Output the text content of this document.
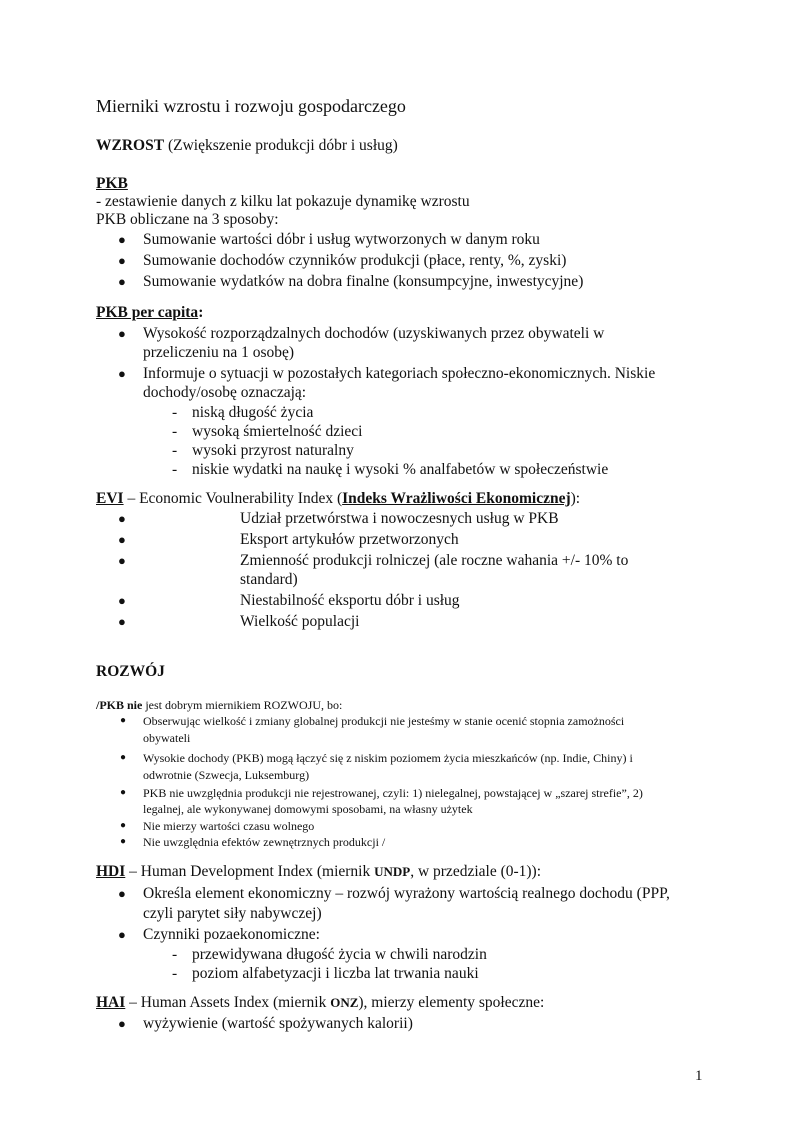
Mierniki wzrostu i rozwoju gospodarczego
WZROST (Zwiększenie produkcji dóbr i usług)
PKB
- zestawienie danych z kilku lat pokazuje dynamikę wzrostu
PKB obliczane na 3 sposoby:
● Sumowanie wartości dóbr i usług wytworzonych w danym roku
● Sumowanie dochodów czynników produkcji (płace, renty, %, zyski)
● Sumowanie wydatków na dobra finalne (konsumpcyjne, inwestycyjne)
PKB per capita:
● Wysokość rozporządzalnych dochodów (uzyskiwanych przez obywateli w
przeliczeniu na 1 osobę)
● Informuje o sytuacji w pozostałych kategoriach społeczno-ekonomicznych. Niskie
dochody/osobę oznaczają:
- niską długość życia
- wysoką śmiertelność dzieci
- wysoki przyrost naturalny
- niskie wydatki na naukę i wysoki % analfabetów w społeczeństwie
EVI – Economic Voulnerability Index (Indeks Wrażliwości Ekonomicznej):
●	Udział przetwórstwa i nowoczesnych usług w PKB
●	Eksport artykułów przetworzonych
●	Zmienność produkcji rolniczej (ale roczne wahania +/- 10% to
standard)
●	Niestabilność eksportu dóbr i usług
●	Wielkość populacji
ROZWÓJ
/PKB nie jest dobrym miernikiem ROZWOJU, bo:
● Obserwując wielkość i zmiany globalnej produkcji nie jesteśmy w stanie ocenić stopnia zamożności
obywateli
● Wysokie dochody (PKB) mogą łączyć się z niskim poziomem życia mieszkańców (np. Indie, Chiny) i
odwrotnie (Szwecja, Luksemburg)
● PKB nie uwzględnia produkcji nie rejestrowanej, czyli: 1) nielegalnej, powstającej w „szarej strefie”, 2)
legalnej, ale wykonywanej domowymi sposobami, na własny użytek
● Nie mierzy wartości czasu wolnego
● Nie uwzględnia efektów zewnętrznych produkcji /
HDI – Human Development Index (miernik UNDP, w przedziale (0-1)):
● Określa element ekonomiczny – rozwój wyrażony wartością realnego dochodu (PPP,
czyli parytet siły nabywczej)
● Czynniki pozaekonomiczne:
- przewidywana długość życia w chwili narodzin
- poziom alfabetyzacji i liczba lat trwania nauki
HAI – Human Assets Index (miernik ONZ), mierzy elementy społeczne:
● wyżywienie (wartość spożywanych kalorii)
1
